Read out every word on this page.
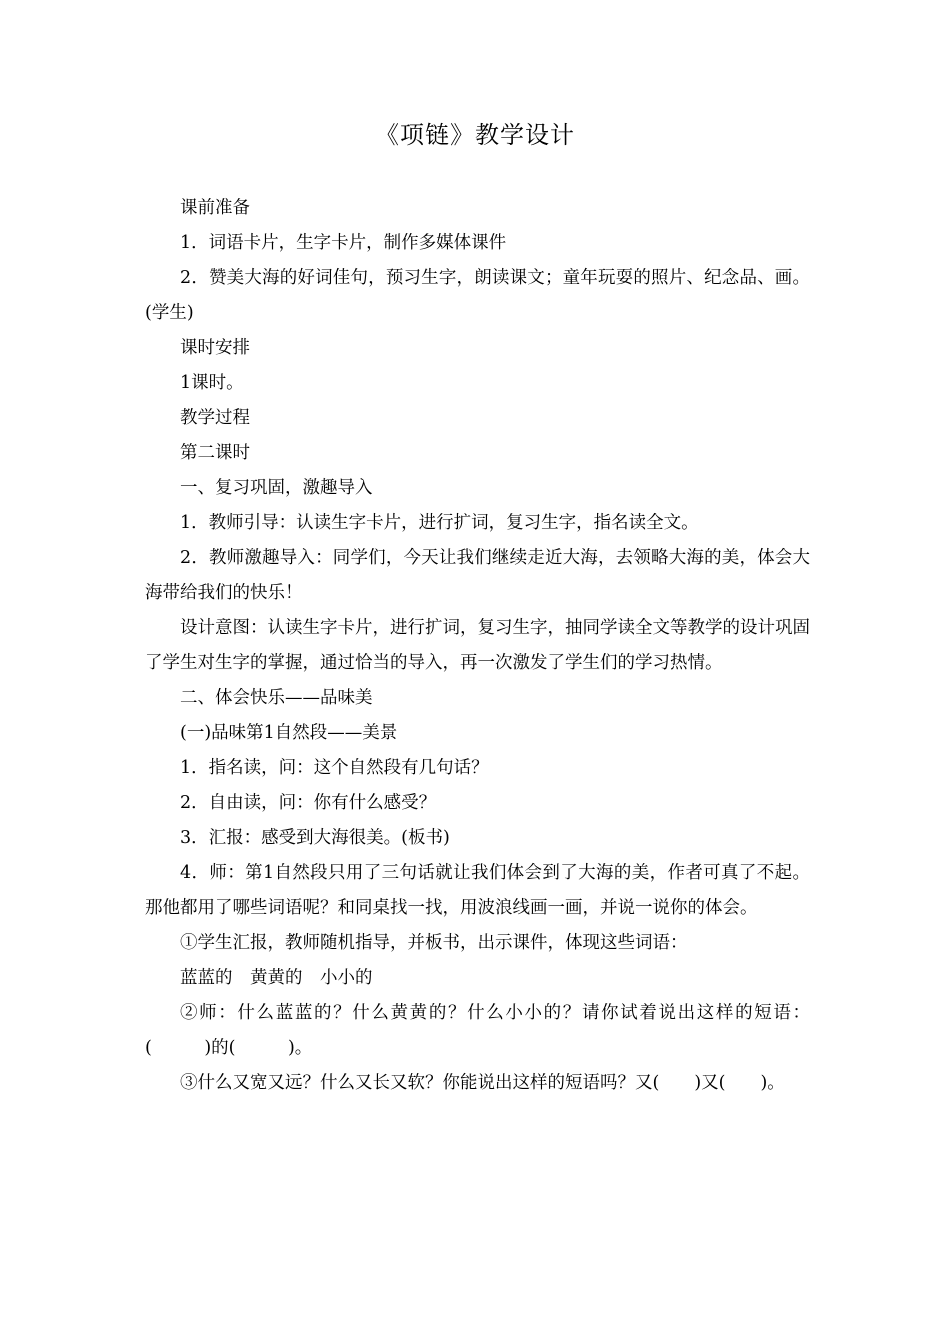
《项链》教学设计

课前准备

1．词语卡片，生字卡片，制作多媒体课件

2．赞美大海的好词佳句，预习生字，朗读课文；童年玩耍的照片、纪念品、画。(学生)

课时安排

1课时。

教学过程

第二课时

一、复习巩固，激趣导入

1．教师引导：认读生字卡片，进行扩词，复习生字，指名读全文。

2．教师激趣导入：同学们，今天让我们继续走近大海，去领略大海的美，体会大海带给我们的快乐！

设计意图：认读生字卡片，进行扩词，复习生字，抽同学读全文等教学的设计巩固了学生对生字的掌握，通过恰当的导入，再一次激发了学生们的学习热情。

二、体会快乐——品味美

(一)品味第1自然段——美景

1．指名读，问：这个自然段有几句话？

2．自由读，问：你有什么感受？

3．汇报：感受到大海很美。(板书)

4．师：第1自然段只用了三句话就让我们体会到了大海的美，作者可真了不起。那他都用了哪些词语呢？和同桌找一找，用波浪线画一画，并说一说你的体会。

①学生汇报，教师随机指导，并板书，出示课件，体现这些词语：

蓝蓝的　黄黄的　小小的

②师：什么蓝蓝的？什么黄黄的？什么小小的？请你试着说出这样的短语：(　　　)的(　　　)。

③什么又宽又远？什么又长又软？你能说出这样的短语吗？又(　　)又(　　)。
